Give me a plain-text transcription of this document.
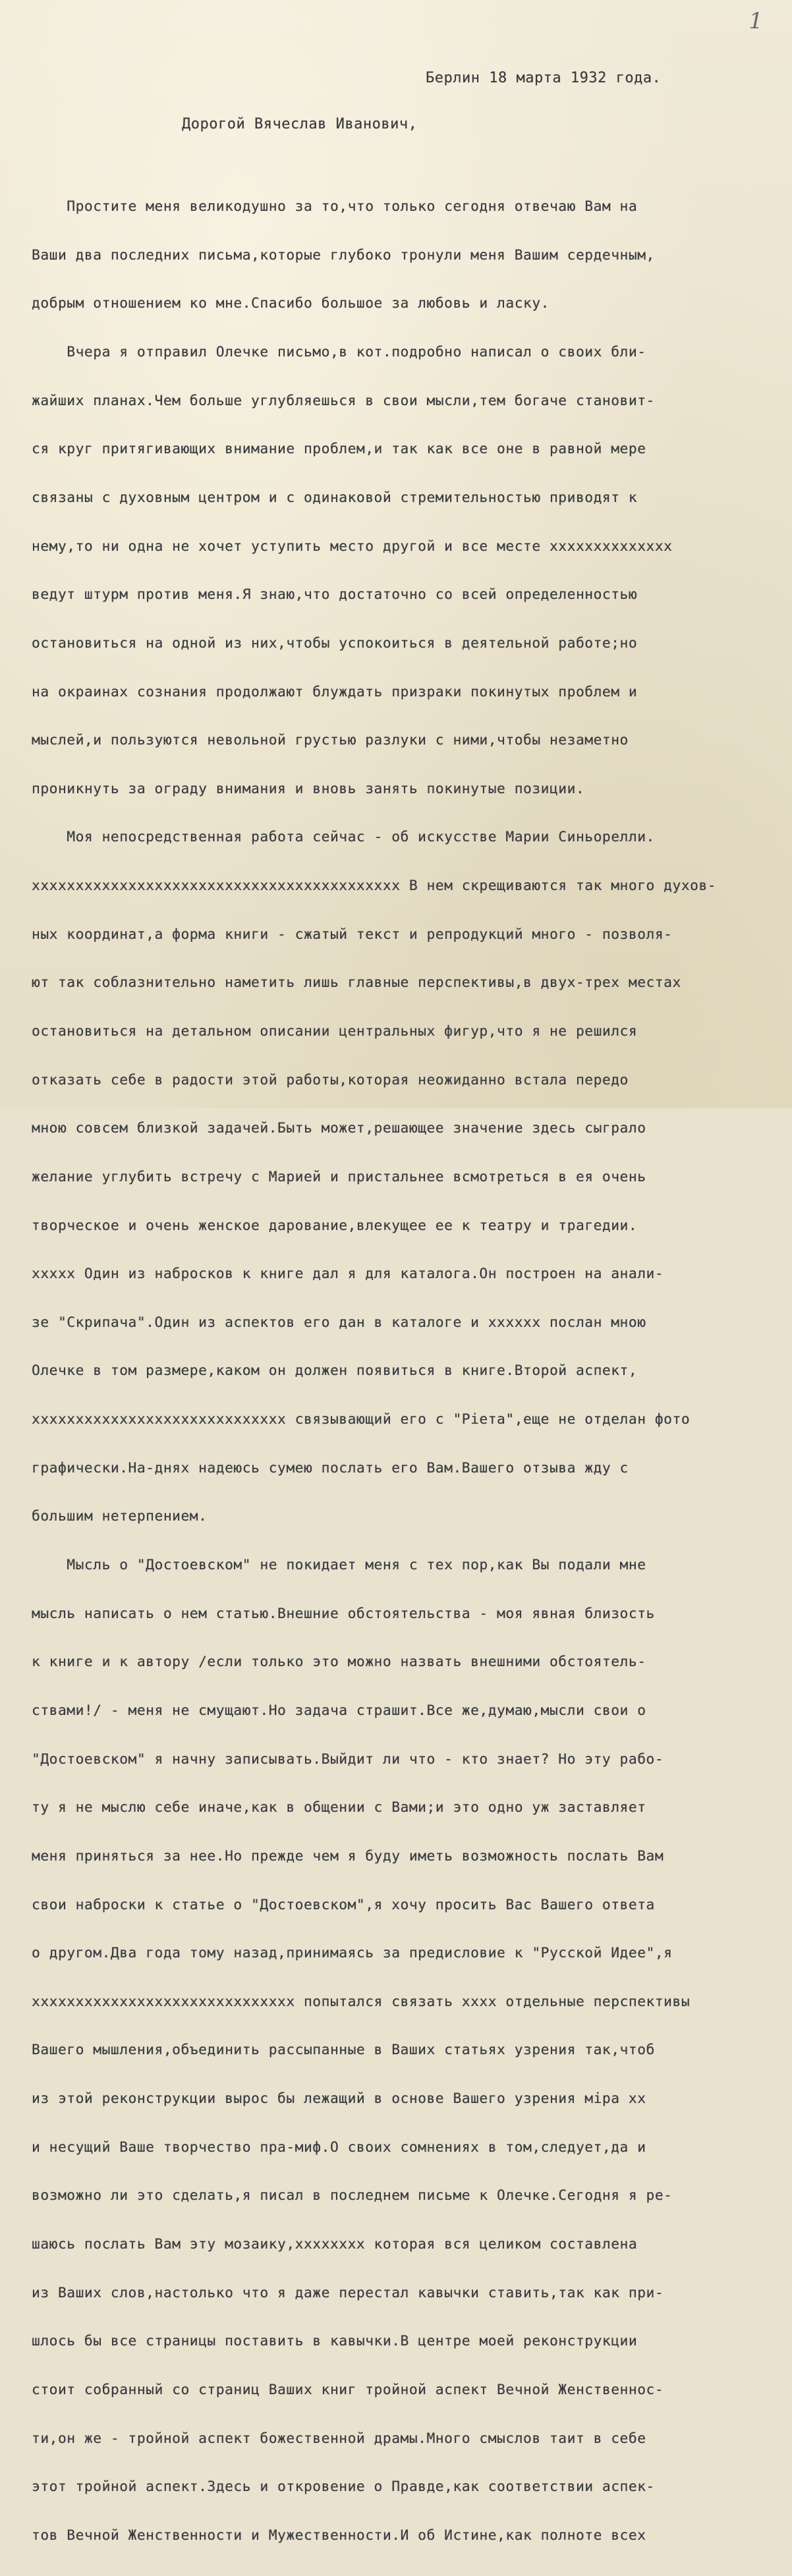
1
Берлин 18 марта 1932 года.
Дорогой Вячеслав Иванович,

Простите меня великодушно за то,что только сегодня отвечаю Вам на

Ваши два последних письма,которые глубоко тронули меня Вашим сердечным,

добрым отношением ко мне.Спасибо большое за любовь и ласку.

Вчера я отправил Олечке письмо,в кот.подробно написал о своих бли-

жайших планах.Чем больше углубляешься в свои мысли,тем богаче становит-

ся круг притягивающих внимание проблем,и так как все оне в равной мере

связаны с духовным центром и с одинаковой стремительностью приводят к

нему,то ни одна не хочет уступить место другой и все месте xxxxxxxxxxxxxx

ведут штурм против меня.Я знаю,что достаточно со всей определенностью

остановиться на одной из них,чтобы успокоиться в деятельной работе;но

на окраинах сознания продолжают блуждать призраки покинутых проблем и

мыслей,и пользуются невольной грустью разлуки с ними,чтобы незаметно

проникнуть за ограду внимания и вновь занять покинутые позиции.

Моя непосредственная работа сейчас - об искусстве Марии Синьорелли.

xxxxxxxxxxxxxxxxxxxxxxxxxxxxxxxxxxxxxxxxxx В нем скрещиваются так много духов-

ных координат,а форма книги - сжатый текст и репродукций много - позволя-

ют так соблазнительно наметить лишь главные перспективы,в двух-трех местах

остановиться на детальном описании центральных фигур,что я не решился

отказать себе в радости этой работы,которая неожиданно встала передо

мною совсем близкой задачей.Быть может,решающее значение здесь сыграло

желание углубить встречу с Марией и пристальнее всмотреться в ея очень

творческое и очень женское дарование,влекущее ее к театру и трагедии.

xxxxx Один из набросков к книге дал я для каталога.Он построен на анали-

зе "Скрипача".Один из аспектов его дан в каталоге и xxxxxx послан мною

Олечке в том размере,каком он должен появиться в книге.Второй аспект,

xxxxxxxxxxxxxxxxxxxxxxxxxxxxx связывающий его с "Piета",еще не отделан фото

графически.На-днях надеюсь сумею послать его Вам.Вашего отзыва жду с

большим нетерпением.

Мысль о "Достоевском" не покидает меня с тех пор,как Вы подали мне

мысль написать о нем статью.Внешние обстоятельства - моя явная близость

к книге и к автору /если только это можно назвать внешними обстоятель-

ствами!/ - меня не смущают.Но задача страшит.Все же,думаю,мысли свои о

"Достоевском" я начну записывать.Выйдит ли что - кто знает? Но эту рабо-

ту я не мыслю себе иначе,как в общении с Вами;и это одно уж заставляет

меня приняться за нее.Но прежде чем я буду иметь возможность послать Вам

свои наброски к статье о "Достоевском",я хочу просить Вас Вашего ответа

о другом.Два года тому назад,принимаясь за предисловие к "Русской Идее",я

xxxxxxxxxxxxxxxxxxxxxxxxxxxxxx попытался связать xxxx отдельные перспективы

Вашего мышления,объединить рассыпанные в Ваших статьях узрения так,чтоб

из этой реконструкции вырос бы лежащий в основе Вашего узрения мiра xx

и несущий Ваше творчество пра-миф.О своих сомнениях в том,следует,да и

возможно ли это сделать,я писал в последнем письме к Олечке.Сегодня я ре-

шаюсь послать Вам эту мозаику,xxxxxxxx которая вся целиком составлена

из Ваших слов,настолько что я даже перестал кавычки ставить,так как при-

шлось бы все страницы поставить в кавычки.В центре моей реконструкции

стоит собранный со страниц Ваших книг тройной аспект Вечной Женственнос-

ти,он же - тройной аспект божественной драмы.Много смыслов таит в себе

этот тройной аспект.Здесь и откровение о Правде,как соответствии аспек-

тов Вечной Женственности и Мужественности.И об Истине,как полноте всех
